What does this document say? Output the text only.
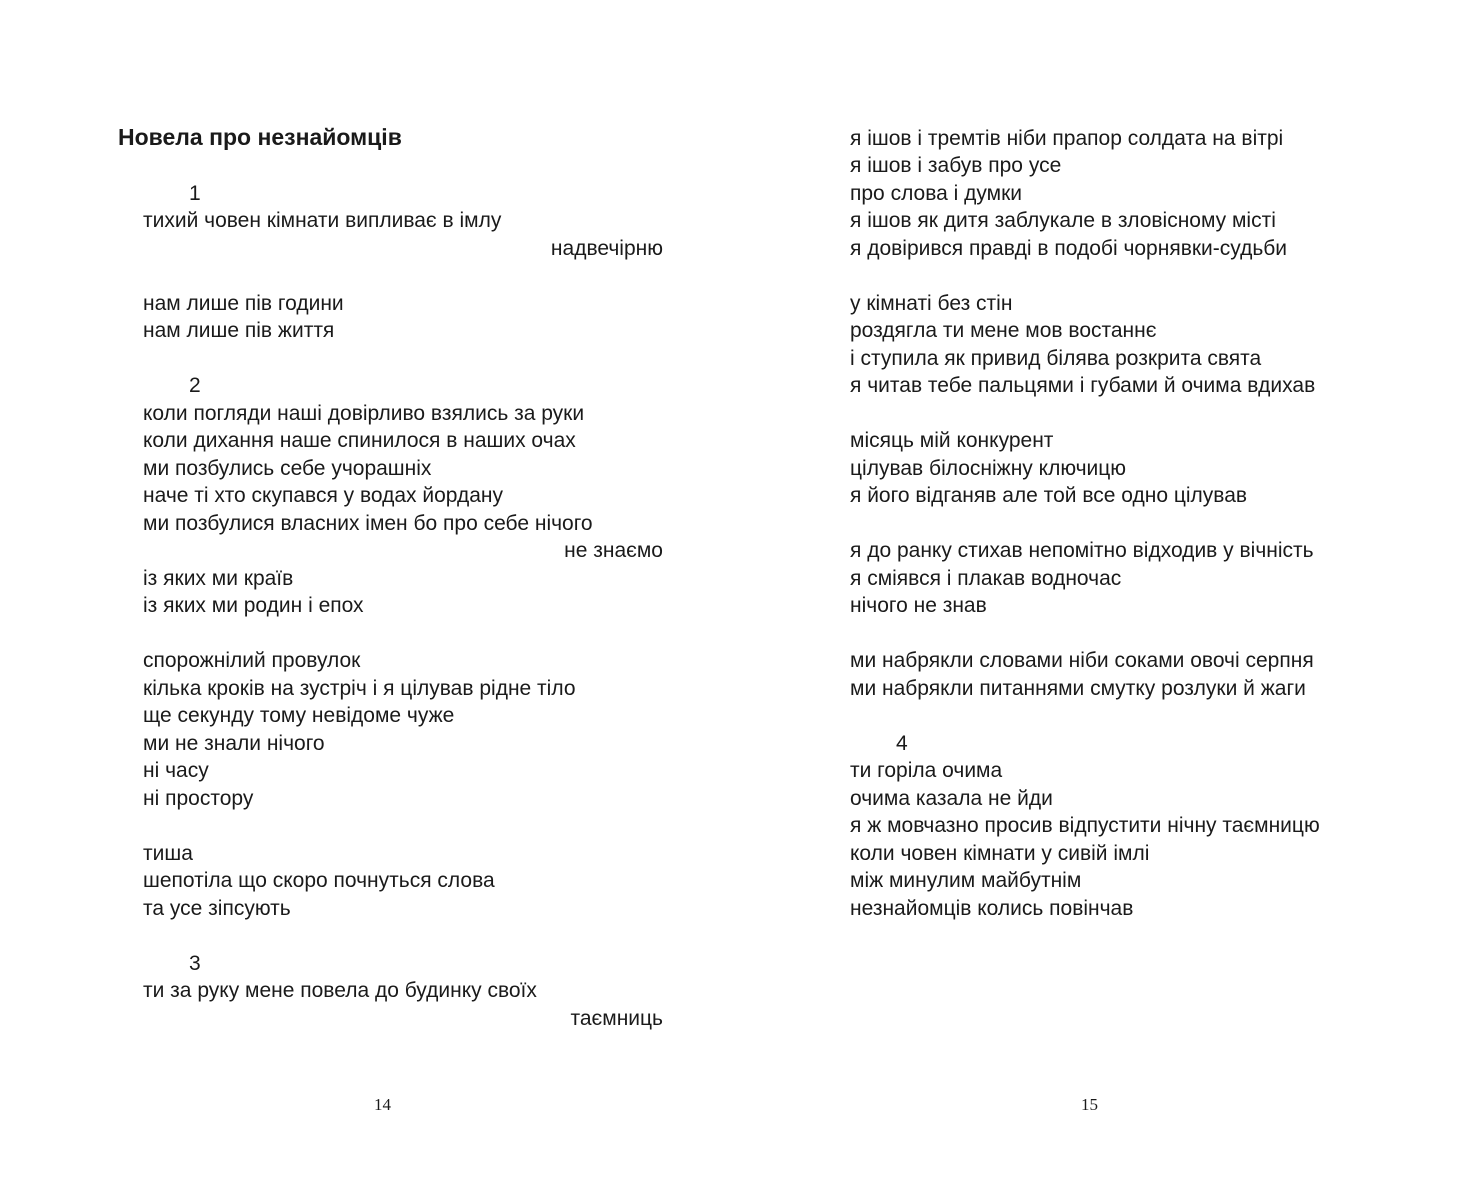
Новела про незнайомців
1
тихий човен кімнати випливає в імлу
надвечірню
нам лише пів години
нам лише пів життя
2
коли погляди наші довірливо взялись за руки
коли дихання наше спинилося в наших очах
ми позбулись себе учорашніх
наче ті хто скупався у водах йордану
ми позбулися власних імен бо про себе нічого
не знаємо
із яких ми країв
із яких ми родин і епох
спорожнілий провулок
кілька кроків на зустріч і я цілував рідне тіло
ще секунду тому невідоме чуже
ми не знали нічого
ні часу
ні простору
тиша
шепотіла що скоро почнуться слова
та усе зіпсують
3
ти за руку мене повела до будинку своїх
таємниць
14
я ішов і тремтів ніби прапор солдата на вітрі
я ішов і забув про усе
про слова і думки
я ішов як дитя заблукале в зловісному місті
я довірився правді в подобі чорнявки-судьби
у кімнаті без стін
роздягла ти мене мов востаннє
і ступила як привид білява розкрита свята
я читав тебе пальцями і губами й очима вдихав
місяць мій конкурент
цілував білосніжну ключицю
я його відганяв але той все одно цілував
я до ранку стихав непомітно відходив у вічність
я сміявся і плакав водночас
нічого не знав
ми набрякли словами ніби соками овочі серпня
ми набрякли питаннями смутку розлуки й жаги
4
ти горіла очима
очима казала не йди
я ж мовчазно просив відпустити нічну таємницю
коли човен кімнати у сивій імлі
між минулим майбутнім
незнайомців колись повінчав
15
